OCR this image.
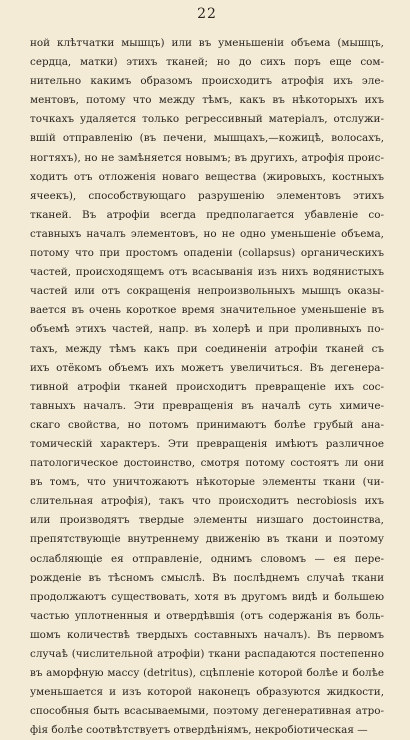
22
ной клѣтчатки мышцъ) или въ уменьшеніи объема (мышцъ,
сердца, матки) этихъ тканей; но до сихъ поръ еще сом-
нительно какимъ образомъ происходитъ атрофія ихъ эле-
ментовъ, потому что между тѣмъ, какъ въ нѣкоторыхъ ихъ
точкахъ удаляется только регрессивный матеріалъ, отслужи-
вшій отправленію (въ печени, мышцахъ,—кожицѣ, волосахъ,
ногтяхъ), но не замѣняется новымъ; въ другихъ, атрофія проис-
ходитъ отъ отложенія новаго вещества (жировыхъ, костныхъ
ячеекъ), способствующаго разрушенію элементовъ этихъ
тканей. Въ атрофіи всегда предполагается убавленіе со-
ставныхъ началъ элементовъ, но не одно уменьшеніе объема,
потому что при простомъ опаденіи (collapsus) органическихъ
частей, происходящемъ отъ всасыванія изъ нихъ водянистыхъ
частей или отъ сокращенія непроизвольныхъ мышцъ оказы-
вается въ очень короткое время значительное уменьшеніе въ
объемѣ этихъ частей, напр. въ холерѣ и при проливныхъ по-
тахъ, между тѣмъ какъ при соединеніи атрофіи тканей съ
ихъ отёкомъ объемъ ихъ можетъ увеличиться. Въ дегенера-
тивной атрофіи тканей происходитъ превращеніе ихъ сос-
тавныхъ началъ. Эти превращенія въ началѣ суть химиче-
скаго свойства, но потомъ принимаютъ болѣе грубый ана-
томическій характеръ. Эти превращенія имѣютъ различное
патологическое достоинство, смотря потому состоятъ ли они
въ томъ, что уничтожаютъ нѣкоторые элементы ткани (чи-
слительная атрофія), такъ что происходитъ necrobiosis ихъ
или производятъ твердые элементы низшаго достоинства,
препятствующіе внутреннему движенію въ ткани и поэтому
ослабляющіе ея отправленіе, однимъ словомъ — ея пере-
рожденіе въ тѣсномъ смыслѣ. Въ послѣднемъ случаѣ ткани
продолжаютъ существовать, хотя въ другомъ видѣ и большею
частью уплотненныя и отвердѣвшія (отъ содержанія въ боль-
шомъ количествѣ твердыхъ составныхъ началъ). Въ первомъ
случаѣ (числительной атрофіи) ткани распадаются постепенно
въ аморфную массу (detritus), сцѣпленіе которой болѣе и болѣе
уменьшается и изъ которой наконецъ образуются жидкости,
способныя быть всасываемыми, поэтому дегенеративная атро-
фія болѣе соотвѣтствуетъ отвердѣніямъ, некробіотическая —
